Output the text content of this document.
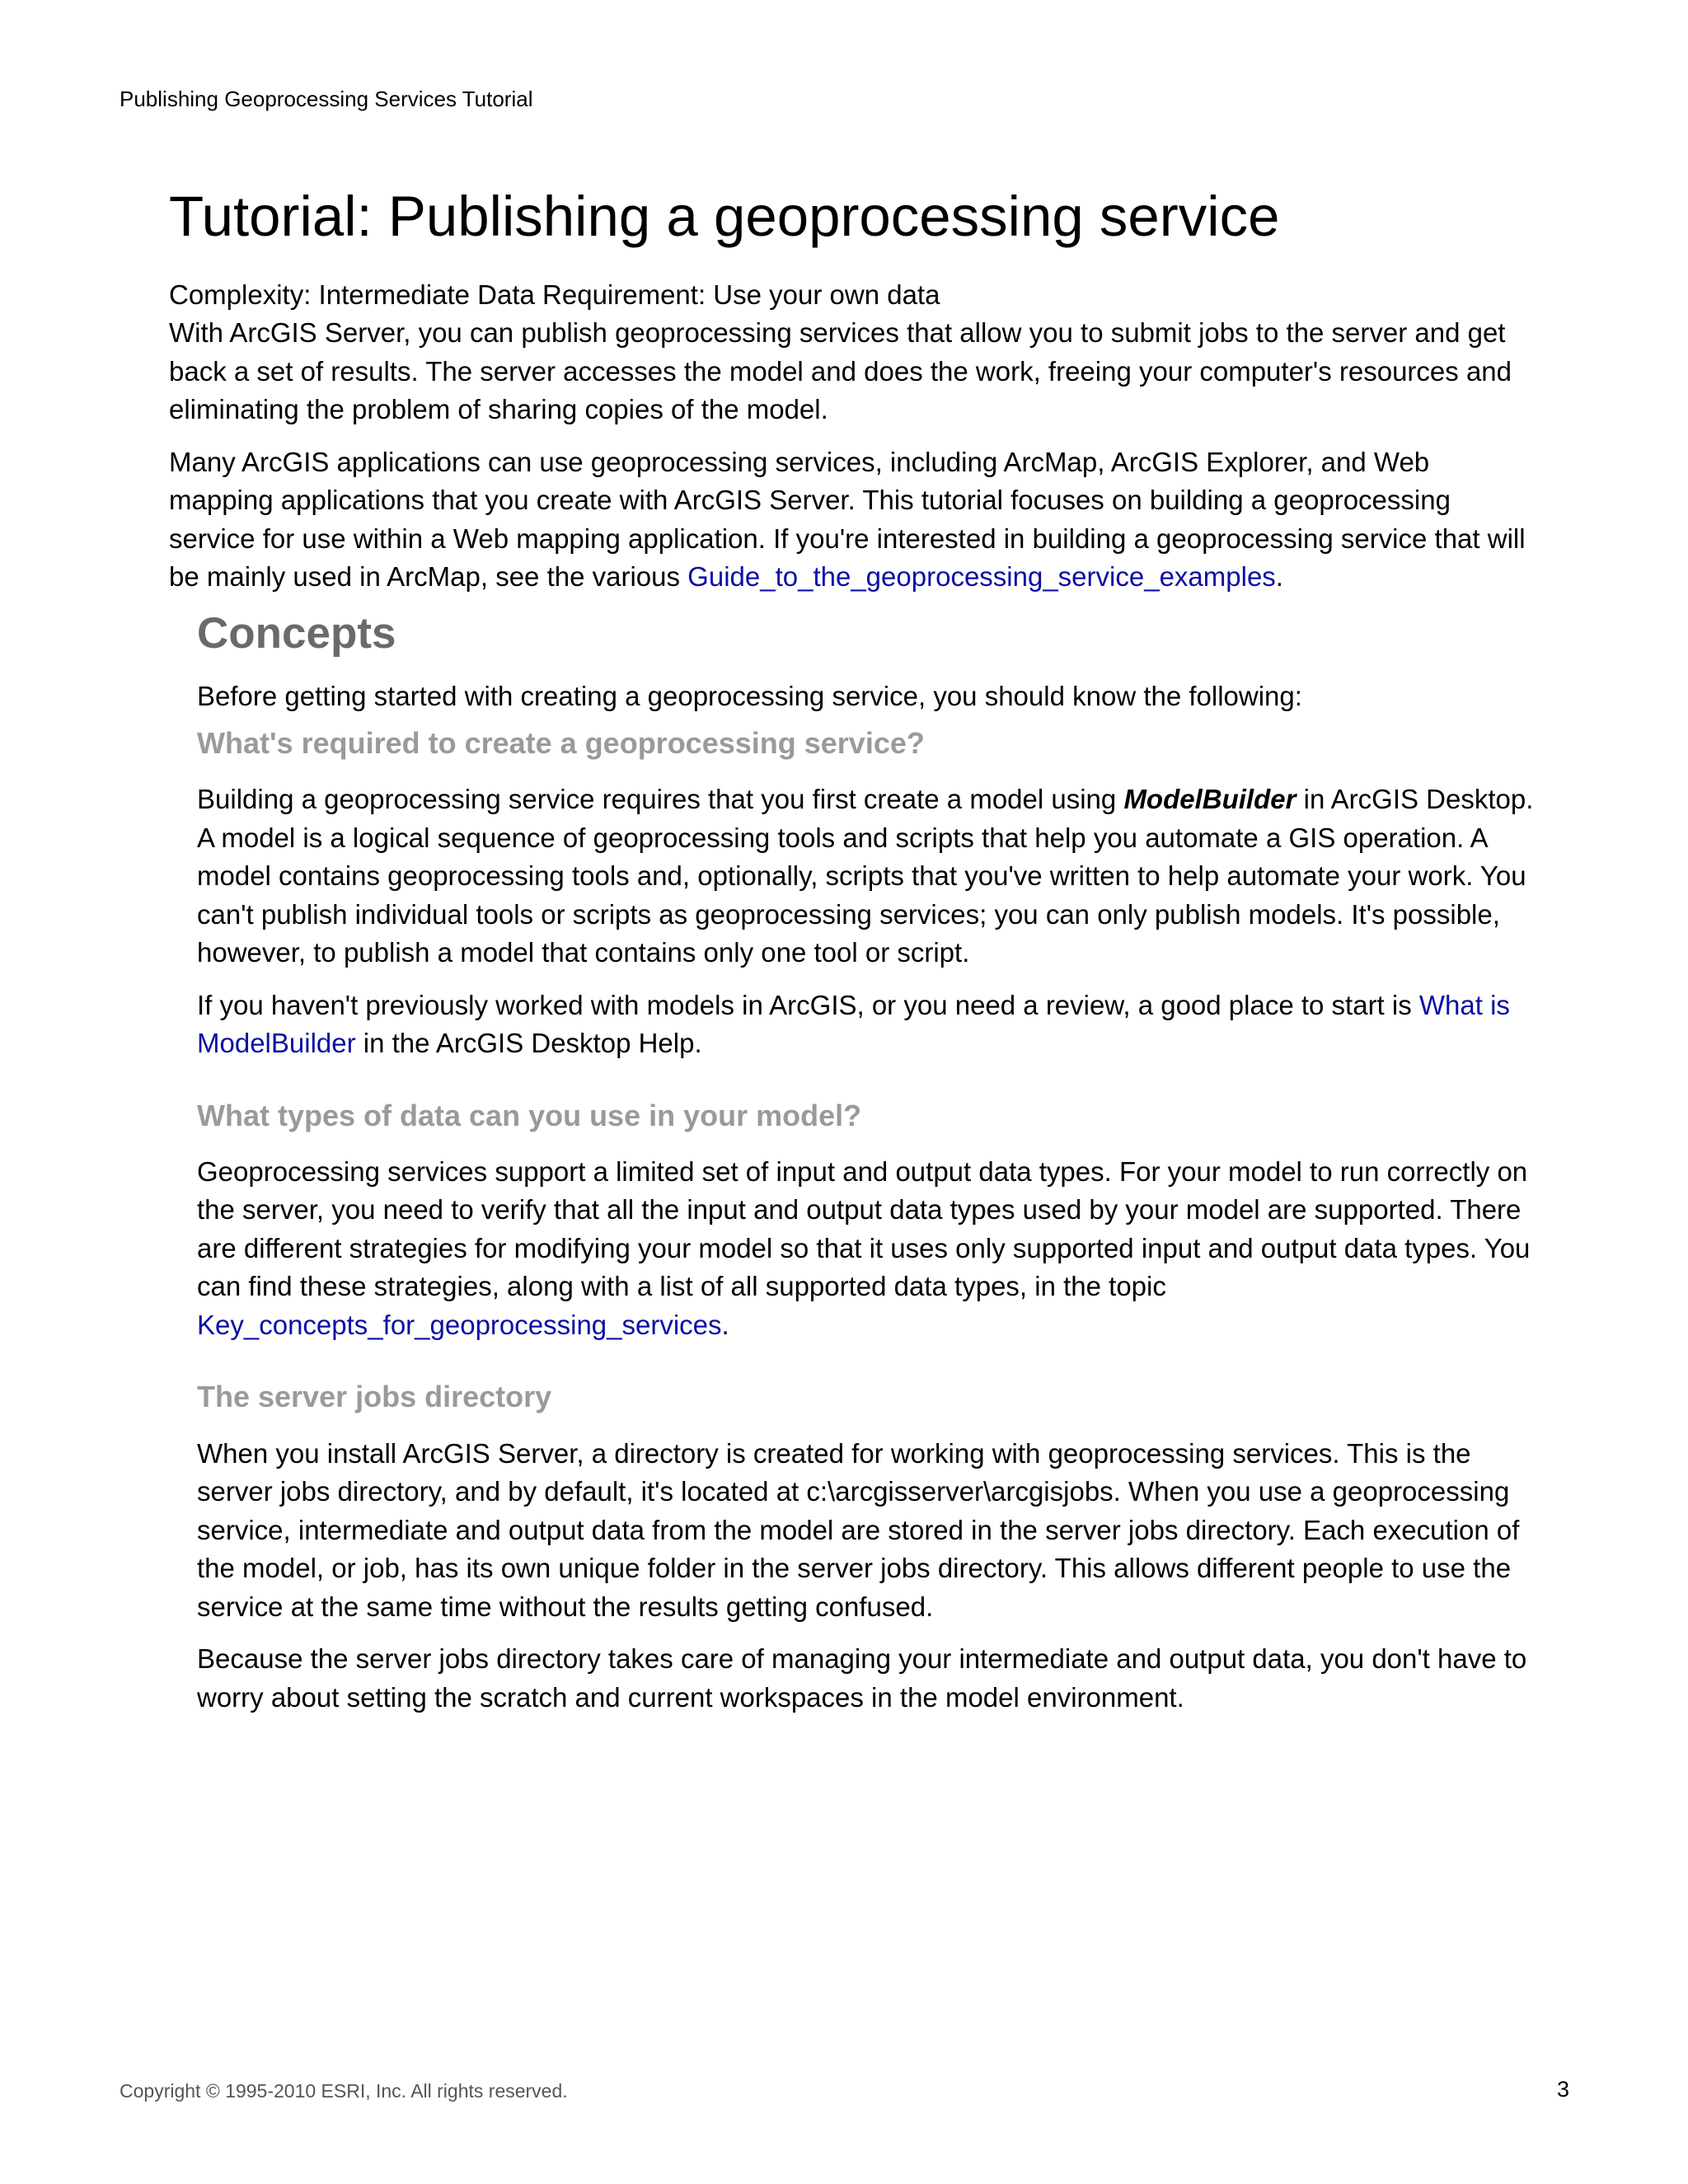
Publishing Geoprocessing Services Tutorial
Tutorial: Publishing a geoprocessing service

Complexity: Intermediate Data Requirement: Use your own data

With ArcGIS Server, you can publish geoprocessing services that allow you to submit jobs to the server and get back a set of results. The server accesses the model and does the work, freeing your computer's resources and eliminating the problem of sharing copies of the model.

Many ArcGIS applications can use geoprocessing services, including ArcMap, ArcGIS Explorer, and Web mapping applications that you create with ArcGIS Server. This tutorial focuses on building a geoprocessing service for use within a Web mapping application. If you're interested in building a geoprocessing service that will be mainly used in ArcMap, see the various Guide_to_the_geoprocessing_service_examples.

Concepts

Before getting started with creating a geoprocessing service, you should know the following:

What's required to create a geoprocessing service?

Building a geoprocessing service requires that you first create a model using ModelBuilder in ArcGIS Desktop. A model is a logical sequence of geoprocessing tools and scripts that help you automate a GIS operation. A model contains geoprocessing tools and, optionally, scripts that you've written to help automate your work. You can't publish individual tools or scripts as geoprocessing services; you can only publish models. It's possible, however, to publish a model that contains only one tool or script.

If you haven't previously worked with models in ArcGIS, or you need a review, a good place to start is What is ModelBuilder in the ArcGIS Desktop Help.

What types of data can you use in your model?

Geoprocessing services support a limited set of input and output data types. For your model to run correctly on the server, you need to verify that all the input and output data types used by your model are supported. There are different strategies for modifying your model so that it uses only supported input and output data types. You can find these strategies, along with a list of all supported data types, in the topic Key_concepts_for_geoprocessing_services.

The server jobs directory

When you install ArcGIS Server, a directory is created for working with geoprocessing services. This is the server jobs directory, and by default, it's located at c:\arcgisserver\arcgisjobs. When you use a geoprocessing service, intermediate and output data from the model are stored in the server jobs directory. Each execution of the model, or job, has its own unique folder in the server jobs directory. This allows different people to use the service at the same time without the results getting confused.

Because the server jobs directory takes care of managing your intermediate and output data, you don't have to worry about setting the scratch and current workspaces in the model environment.

Copyright © 1995-2010 ESRI, Inc. All rights reserved.	3
